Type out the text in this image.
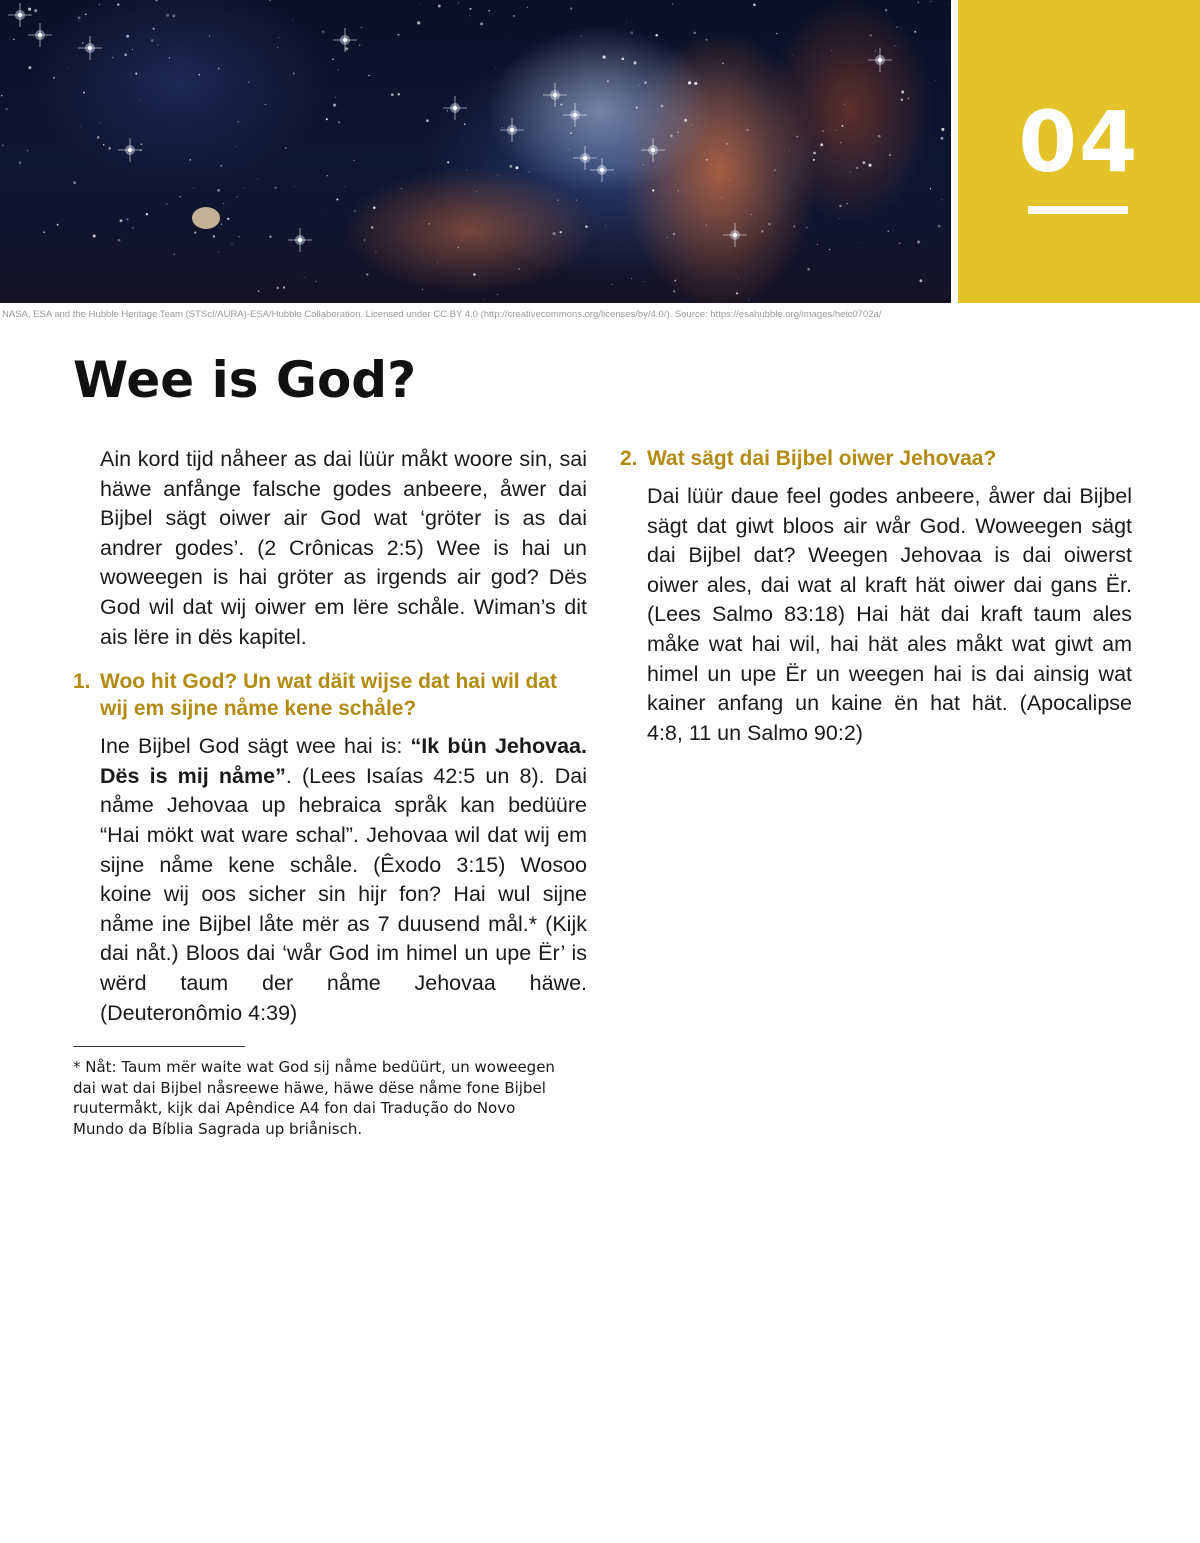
04
NASA, ESA and the Hubble Heritage Team (STScI/AURA)-ESA/Hubble Collaboration. Licensed under CC BY 4.0 (http://creativecommons.org/licenses/by/4.0/). Source: https://esahubble.org/images/heic0702a/
Wee is God?

Ain kord tijd nåheer as dai lüür måkt woore sin, sai häwe anfånge falsche godes anbeere, åwer dai Bijbel sägt oiwer air God wat ‘gröter is as dai andrer godes’. (2 Crônicas 2:5) Wee is hai un woweegen is hai gröter as irgends air god? Dës God wil dat wij oiwer em lëre schåle. Wiman’s dit ais lëre in dës kapitel.

1. Woo hit God? Un wat däit wijse dat hai wil dat wij em sijne nåme kene schåle?

Ine Bijbel God sägt wee hai is: “Ik bün Jehovaa. Dës is mij nåme”. (Lees Isaías 42:5 un 8). Dai nåme Jehovaa up hebraica språk kan bedüüre “Hai mökt wat ware schal”. Jehovaa wil dat wij em sijne nåme kene schåle. (Êxodo 3:15) Wosoo koine wij oos sicher sin hijr fon? Hai wul sijne nåme ine Bijbel låte mër as 7 duusend mål.* (Kijk dai nåt.) Bloos dai ‘wår God im himel un upe Ër’ is wërd taum der nåme Jehovaa häwe. (Deuteronômio 4:39)

2. Wat sägt dai Bijbel oiwer Jehovaa?

Dai lüür daue feel godes anbeere, åwer dai Bijbel sägt dat giwt bloos air wår God. Woweegen sägt dai Bijbel dat? Weegen Jehovaa is dai oiwerst oiwer ales, dai wat al kraft hät oiwer dai gans Ër. (Lees Salmo 83:18) Hai hät dai kraft taum ales måke wat hai wil, hai hät ales måkt wat giwt am himel un upe Ër un weegen hai is dai ainsig wat kainer anfang un kaine ën hat hät. (Apocalipse 4:8, 11 un Salmo 90:2)

* Nåt: Taum mër waite wat God sij nåme bedüürt, un woweegen dai wat dai Bijbel nåsreewe häwe, häwe dëse nåme fone Bijbel ruutermåkt, kijk dai Apêndice A4 fon dai Tradução do Novo Mundo da Bíblia Sagrada up briånisch.
